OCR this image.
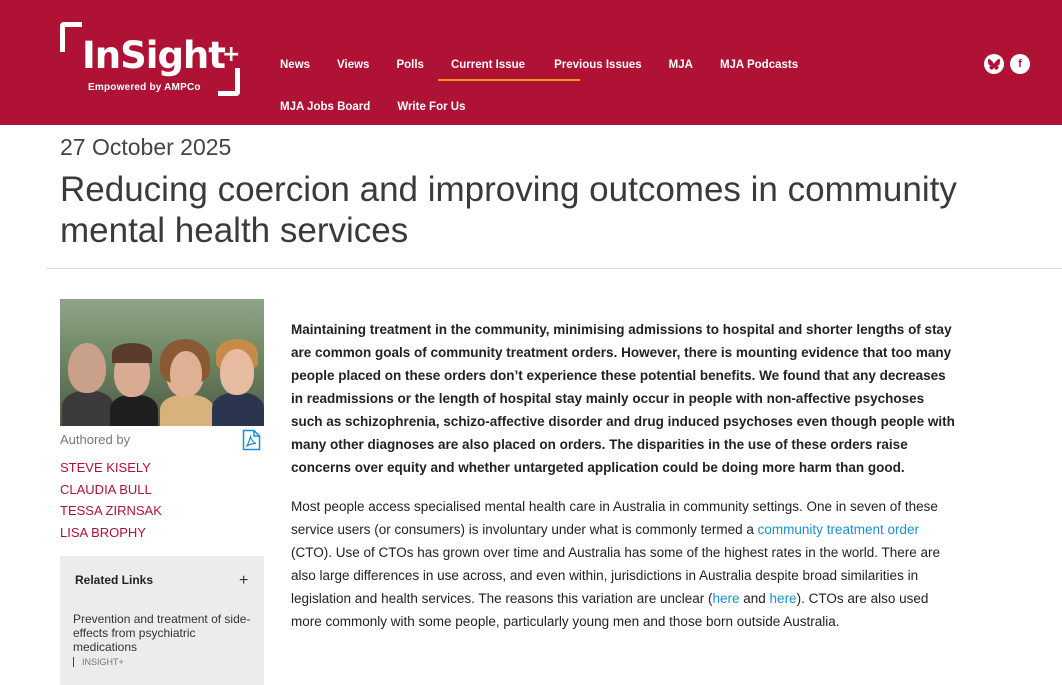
InSight
+
Empowered by AMPCo
News Views Polls Current Issue	Previous Issues MJA MJA Podcasts
MJA Jobs Board Write For Us
f
27 October 2025
Reducing coercion and improving outcomes in community mental health services
Authored by
STEVE KISELY
CLAUDIA BULL
TESSA ZIRNSAK
LISA BROPHY
Related Links	+
Prevention and treatment of side-effects from psychiatric medications
INSIGHT+

Maintaining treatment in the community, minimising admissions to hospital and shorter lengths of stay are common goals of community treatment orders. However, there is mounting evidence that too many people placed on these orders don’t experience these potential benefits. We found that any decreases in readmissions or the length of hospital stay mainly occur in people with non-affective psychoses such as schizophrenia, schizo-affective disorder and drug induced psychoses even though people with many other diagnoses are also placed on orders. The disparities in the use of these orders raise concerns over equity and whether untargeted application could be doing more harm than good.

Most people access specialised mental health care in Australia in community settings. One in seven of these service users (or consumers) is involuntary under what is commonly termed a community treatment order (CTO). Use of CTOs has grown over time and Australia has some of the highest rates in the world. There are also large differences in use across, and even within, jurisdictions in Australia despite broad similarities in legislation and health services. The reasons this variation are unclear (here and here). CTOs are also used more commonly with some people, particularly young men and those born outside Australia.
